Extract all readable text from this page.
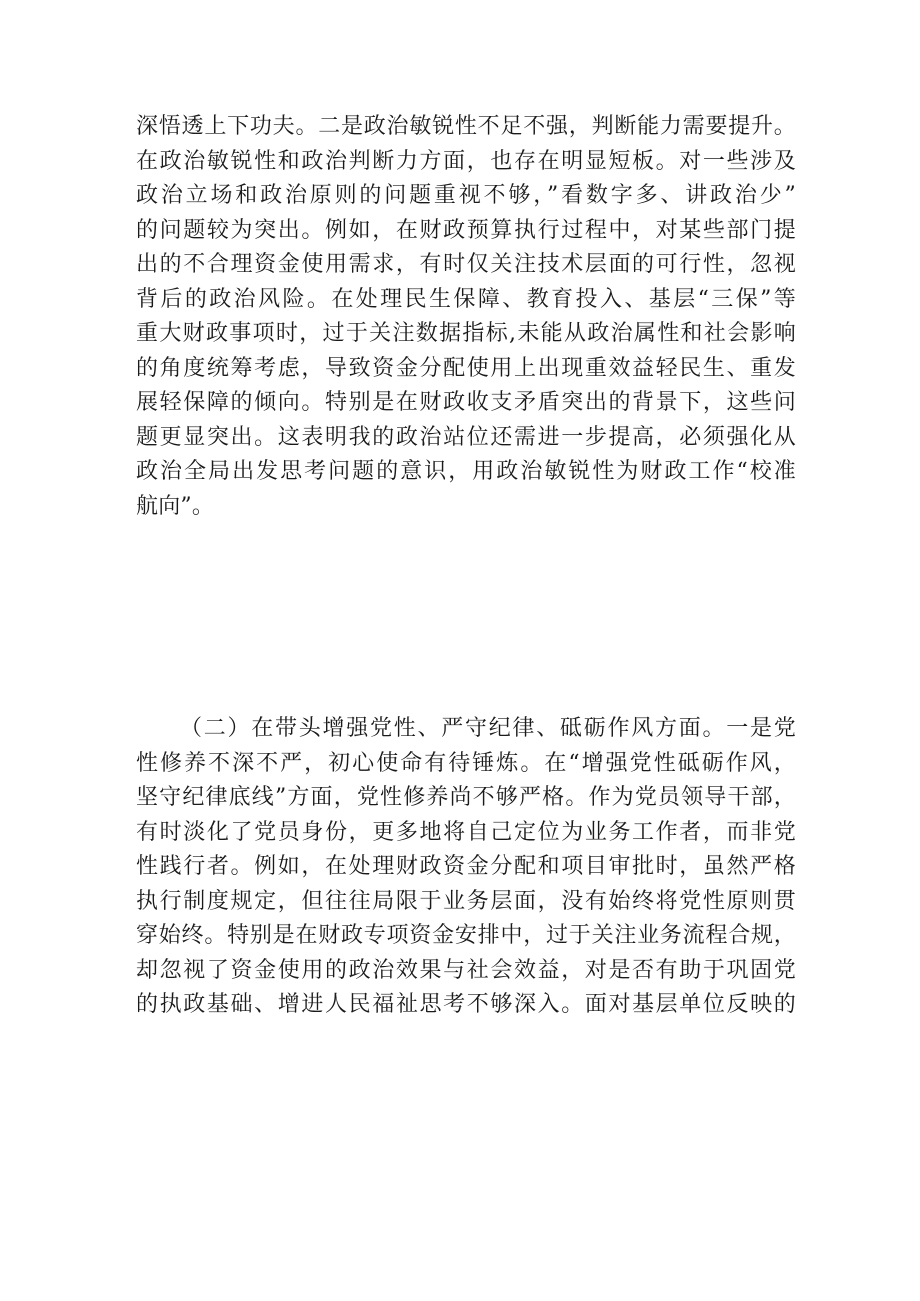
深悟透上下功夫。二是政治敏锐性不足不强，判断能力需要提升。
在政治敏锐性和政治判断力方面，也存在明显短板。对一些涉及
政治立场和政治原则的问题重视不够，”看数字多、讲政治少”
的问题较为突出。例如，在财政预算执行过程中，对某些部门提
出的不合理资金使用需求，有时仅关注技术层面的可行性，忽视
背后的政治风险。在处理民生保障、教育投入、基层“三保”等
重大财政事项时，过于关注数据指标,未能从政治属性和社会影响
的角度统筹考虑，导致资金分配使用上出现重效益轻民生、重发
展轻保障的倾向。特别是在财政收支矛盾突出的背景下，这些问
题更显突出。这表明我的政治站位还需进一步提高，必须强化从
政治全局出发思考问题的意识，用政治敏锐性为财政工作“校准
航向”。
（二）在带头增强党性、严守纪律、砥砺作风方面。一是党
性修养不深不严，初心使命有待锤炼。在“增强党性砥砺作风，
坚守纪律底线”方面，党性修养尚不够严格。作为党员领导干部，
有时淡化了党员身份，更多地将自己定位为业务工作者，而非党
性践行者。例如，在处理财政资金分配和项目审批时，虽然严格
执行制度规定，但往往局限于业务层面，没有始终将党性原则贯
穿始终。特别是在财政专项资金安排中，过于关注业务流程合规，
却忽视了资金使用的政治效果与社会效益，对是否有助于巩固党
的执政基础、增进人民福祉思考不够深入。面对基层单位反映的
